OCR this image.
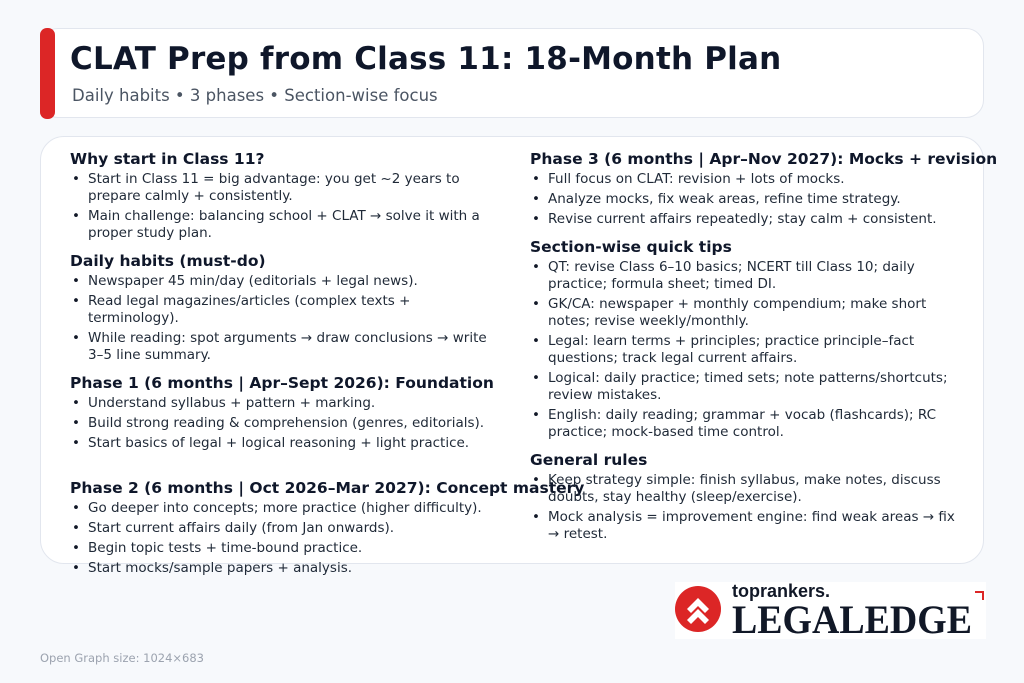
CLAT Prep from Class 11: 18-Month Plan

Daily habits • 3 phases • Section-wise focus

Why start in Class 11?
• Start in Class 11 = big advantage: you get ~2 years to prepare calmly + consistently.
• Main challenge: balancing school + CLAT → solve it with a proper study plan.
Daily habits (must-do)
• Newspaper 45 min/day (editorials + legal news).
• Read legal magazines/articles (complex texts + terminology).
• While reading: spot arguments → draw conclusions → write 3–5 line summary.
Phase 1 (6 months | Apr–Sept 2026): Foundation
• Understand syllabus + pattern + marking.
• Build strong reading & comprehension (genres, editorials).
• Start basics of legal + logical reasoning + light practice.
Phase 2 (6 months | Oct 2026–Mar 2027): Concept mastery
• Go deeper into concepts; more practice (higher difficulty).
• Start current affairs daily (from Jan onwards).
• Begin topic tests + time-bound practice.
• Start mocks/sample papers + analysis.
Phase 3 (6 months | Apr–Nov 2027): Mocks + revision
• Full focus on CLAT: revision + lots of mocks.
• Analyze mocks, fix weak areas, refine time strategy.
• Revise current affairs repeatedly; stay calm + consistent.
Section-wise quick tips
• QT: revise Class 6–10 basics; NCERT till Class 10; daily practice; formula sheet; timed DI.
• GK/CA: newspaper + monthly compendium; make short notes; revise weekly/monthly.
• Legal: learn terms + principles; practice principle–fact questions; track legal current affairs.
• Logical: daily practice; timed sets; note patterns/shortcuts; review mistakes.
• English: daily reading; grammar + vocab (flashcards); RC practice; mock-based time control.
General rules
• Keep strategy simple: finish syllabus, make notes, discuss doubts, stay healthy (sleep/exercise).
• Mock analysis = improvement engine: find weak areas → fix → retest.
toprankers.
LEGALEDGE
Open Graph size: 1024×683
